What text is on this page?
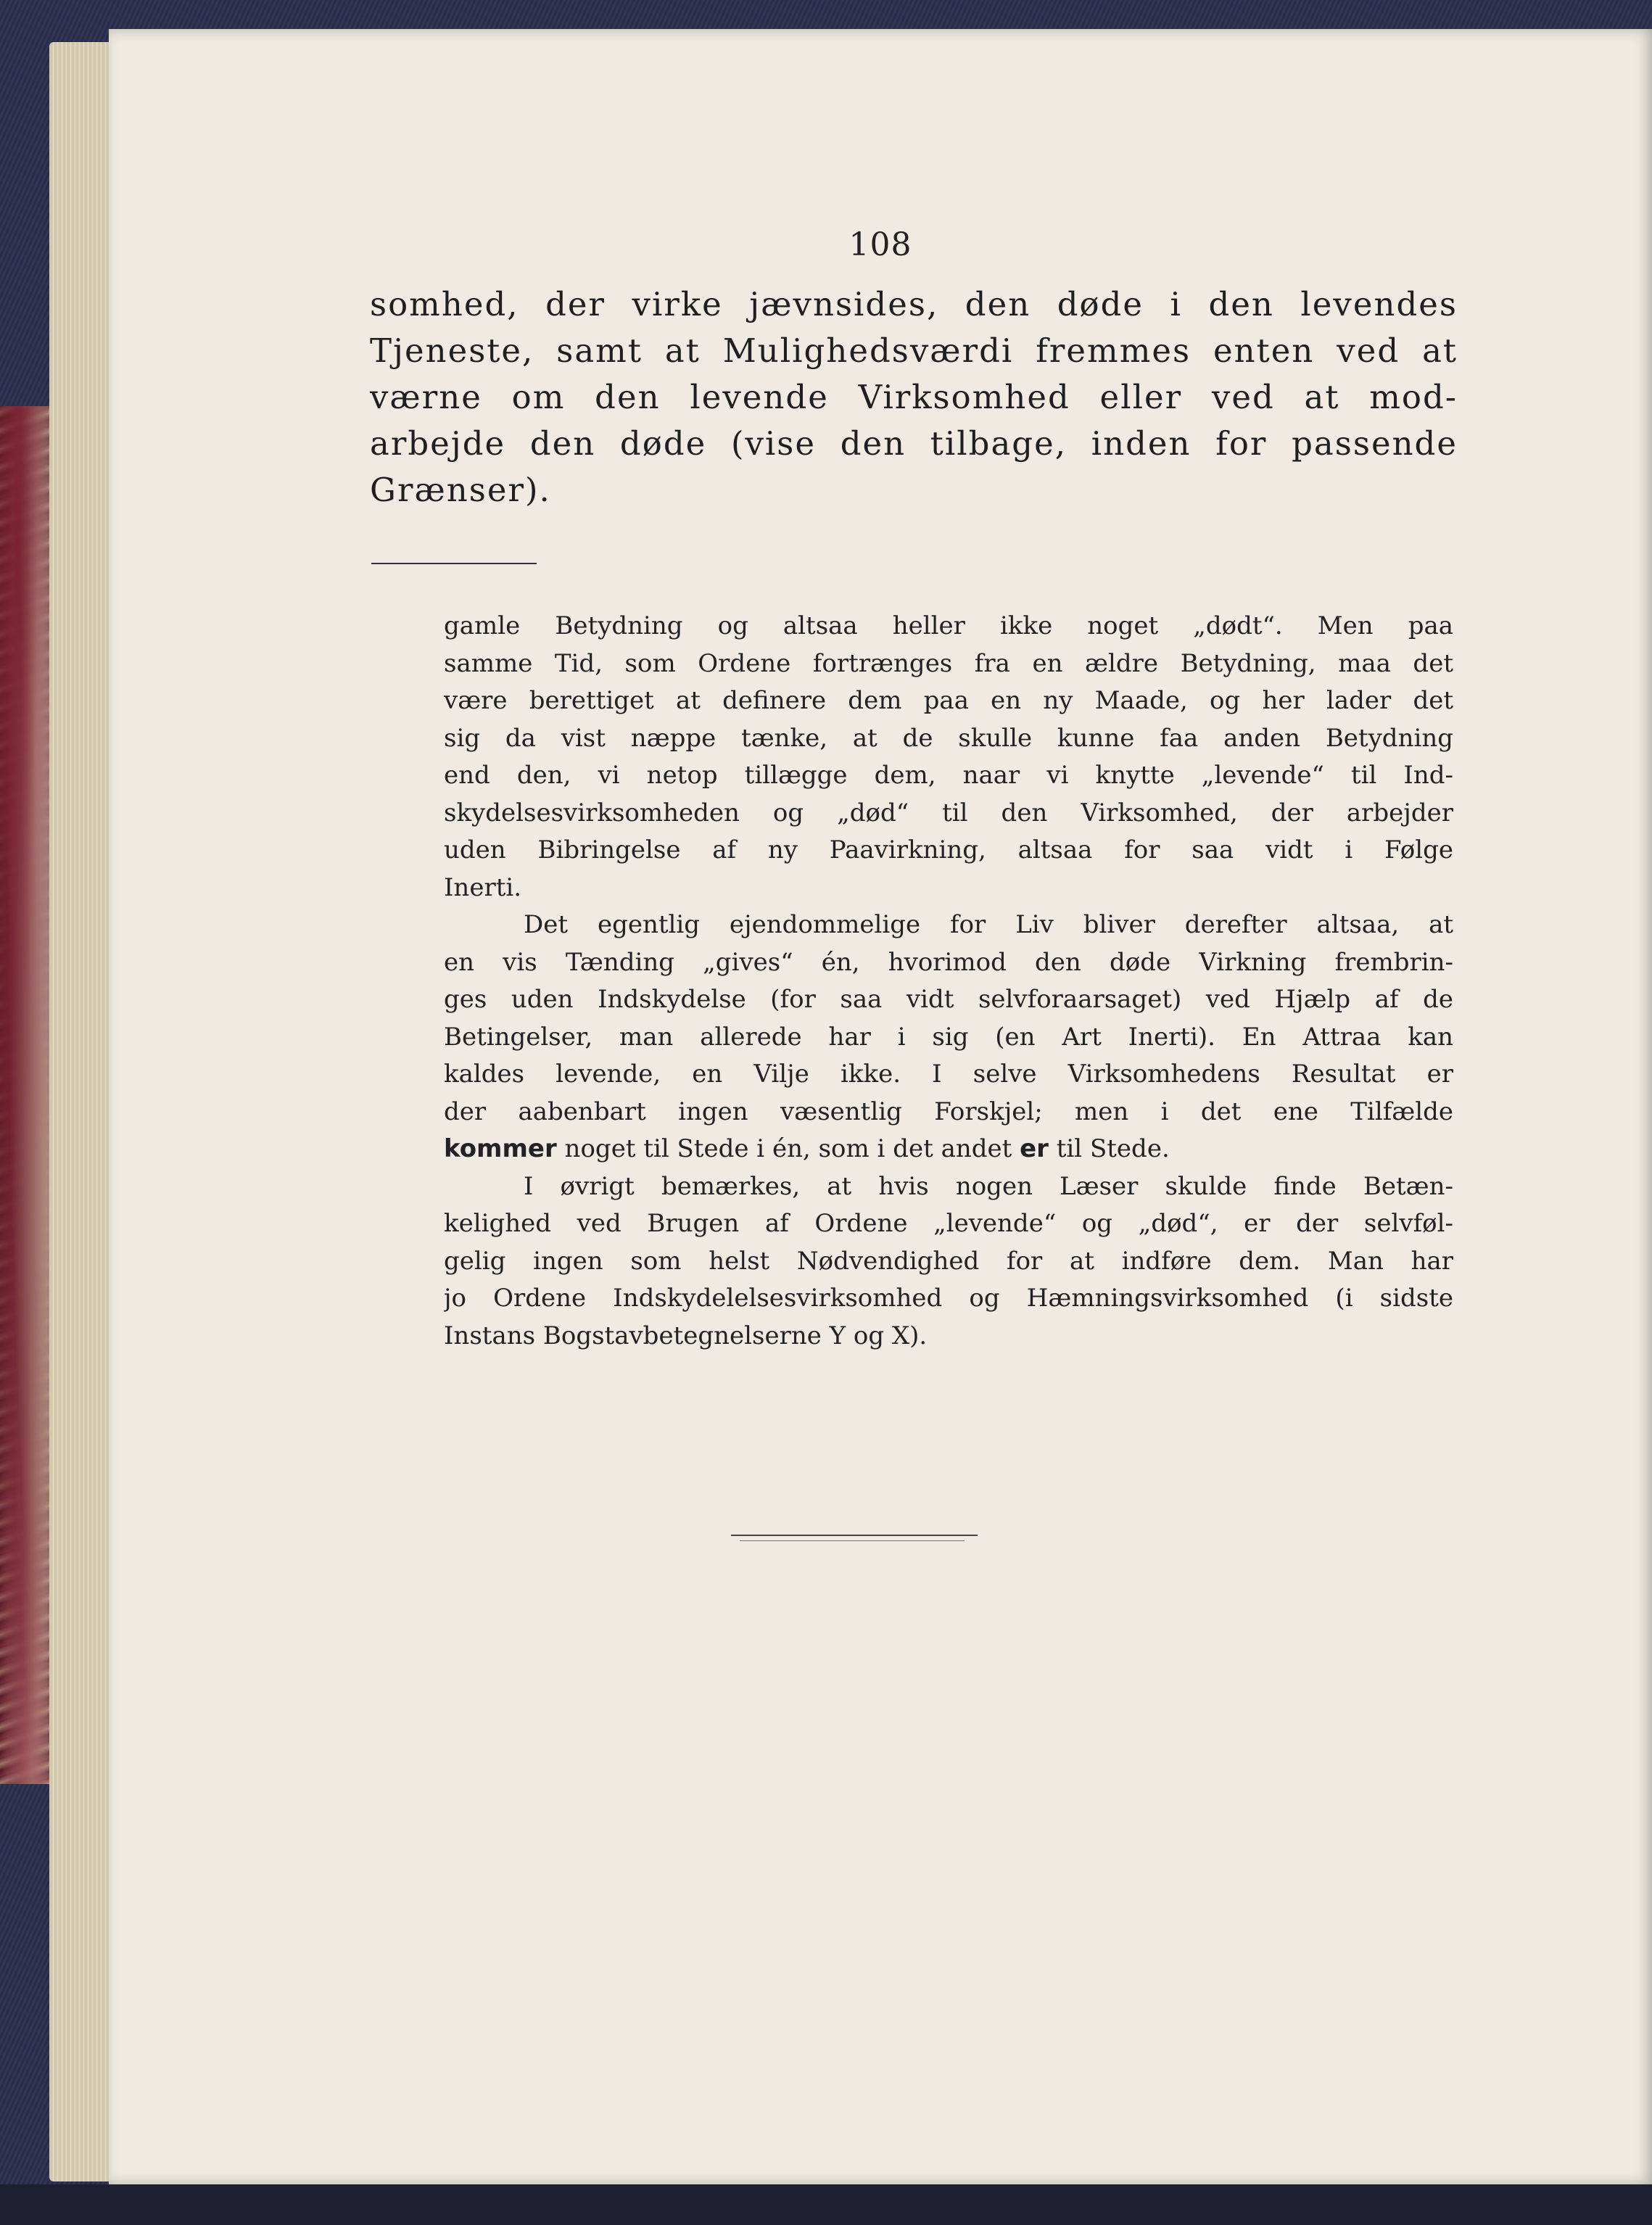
108
somhed, der virke jævnsides, den døde i den levendes
Tjeneste, samt at Mulighedsværdi fremmes enten ved at
værne om den levende Virksomhed eller ved at mod-
arbejde den døde (vise den tilbage, inden for passende
Grænser).
gamle Betydning og altsaa heller ikke noget „dødt“. Men paa
samme Tid, som Ordene fortrænges fra en ældre Betydning, maa det
være berettiget at definere dem paa en ny Maade, og her lader det
sig da vist næppe tænke, at de skulle kunne faa anden Betydning
end den, vi netop tillægge dem, naar vi knytte „levende“ til Ind-
skydelsesvirksomheden og „død“ til den Virksomhed, der arbejder
uden Bibringelse af ny Paavirkning, altsaa for saa vidt i Følge
Inerti.
Det egentlig ejendommelige for Liv bliver derefter altsaa, at
en vis Tænding „gives“ én, hvorimod den døde Virkning frembrin-
ges uden Indskydelse (for saa vidt selvforaarsaget) ved Hjælp af de
Betingelser, man allerede har i sig (en Art Inerti). En Attraa kan
kaldes levende, en Vilje ikke. I selve Virksomhedens Resultat er
der aabenbart ingen væsentlig Forskjel; men i det ene Tilfælde
kommer noget til Stede i én, som i det andet er til Stede.
I øvrigt bemærkes, at hvis nogen Læser skulde finde Betæn-
kelighed ved Brugen af Ordene „levende“ og „død“, er der selvføl-
gelig ingen som helst Nødvendighed for at indføre dem. Man har
jo Ordene Indskydelelsesvirksomhed og Hæmningsvirksomhed (i sidste
Instans Bogstavbetegnelserne Y og X).
